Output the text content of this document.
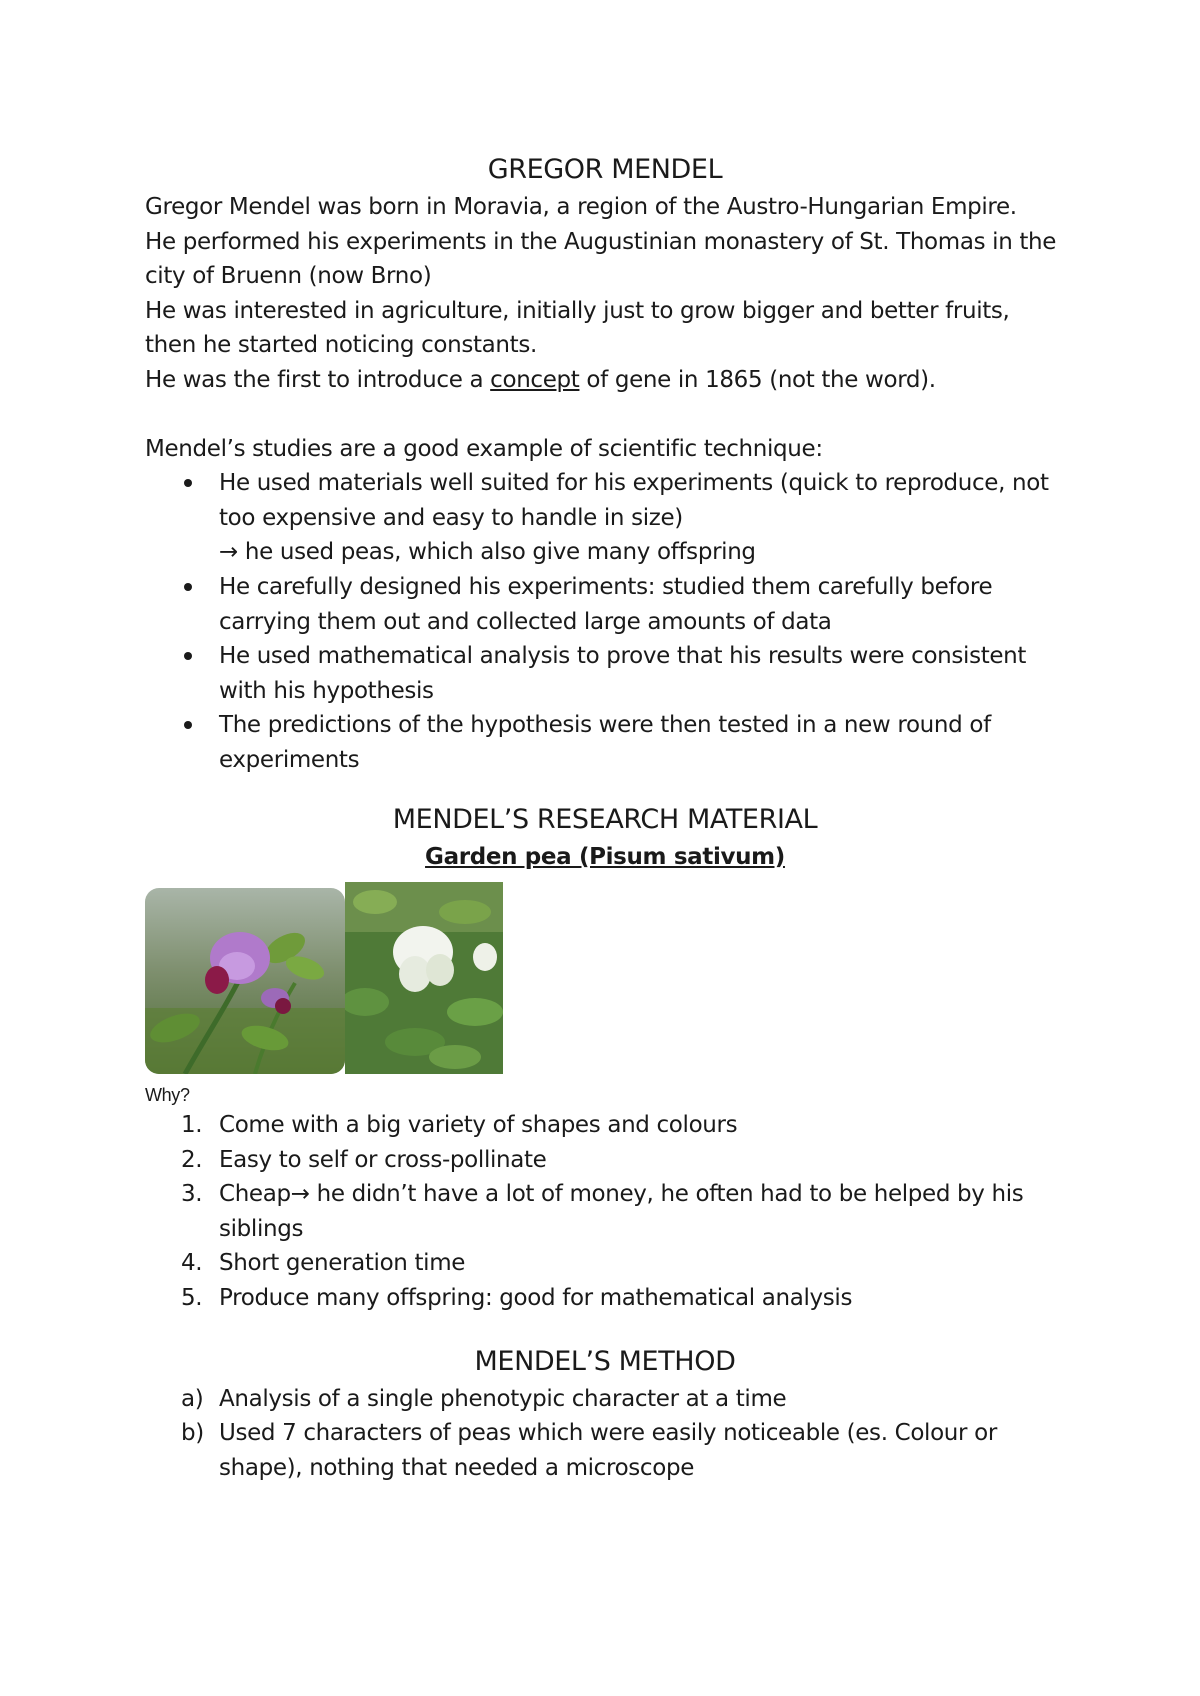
GREGOR MENDEL

Gregor Mendel was born in Moravia, a region of the Austro-Hungarian Empire.

He performed his experiments in the Augustinian monastery of St. Thomas in the city of Bruenn (now Brno)

He was interested in agriculture, initially just to grow bigger and better fruits, then he started noticing constants.

He was the first to introduce a concept of gene in 1865 (not the word).

Mendel’s studies are a good example of scientific technique:

He used materials well suited for his experiments (quick to reproduce, not too expensive and easy to handle in size)
→ he used peas, which also give many offspring
He carefully designed his experiments: studied them carefully before carrying them out and collected large amounts of data
He used mathematical analysis to prove that his results were consistent with his hypothesis
The predictions of the hypothesis were then tested in a new round of experiments
MENDEL’S RESEARCH MATERIAL

Garden pea (Pisum sativum)

Why?
1. Come with a big variety of shapes and colours
2. Easy to self or cross-pollinate
3. Cheap→ he didn’t have a lot of money, he often had to be helped by his siblings
4. Short generation time
5. Produce many offspring: good for mathematical analysis
MENDEL’S METHOD
a) Analysis of a single phenotypic character at a time
b) Used 7 characters of peas which were easily noticeable (es. Colour or shape), nothing that needed a microscope
